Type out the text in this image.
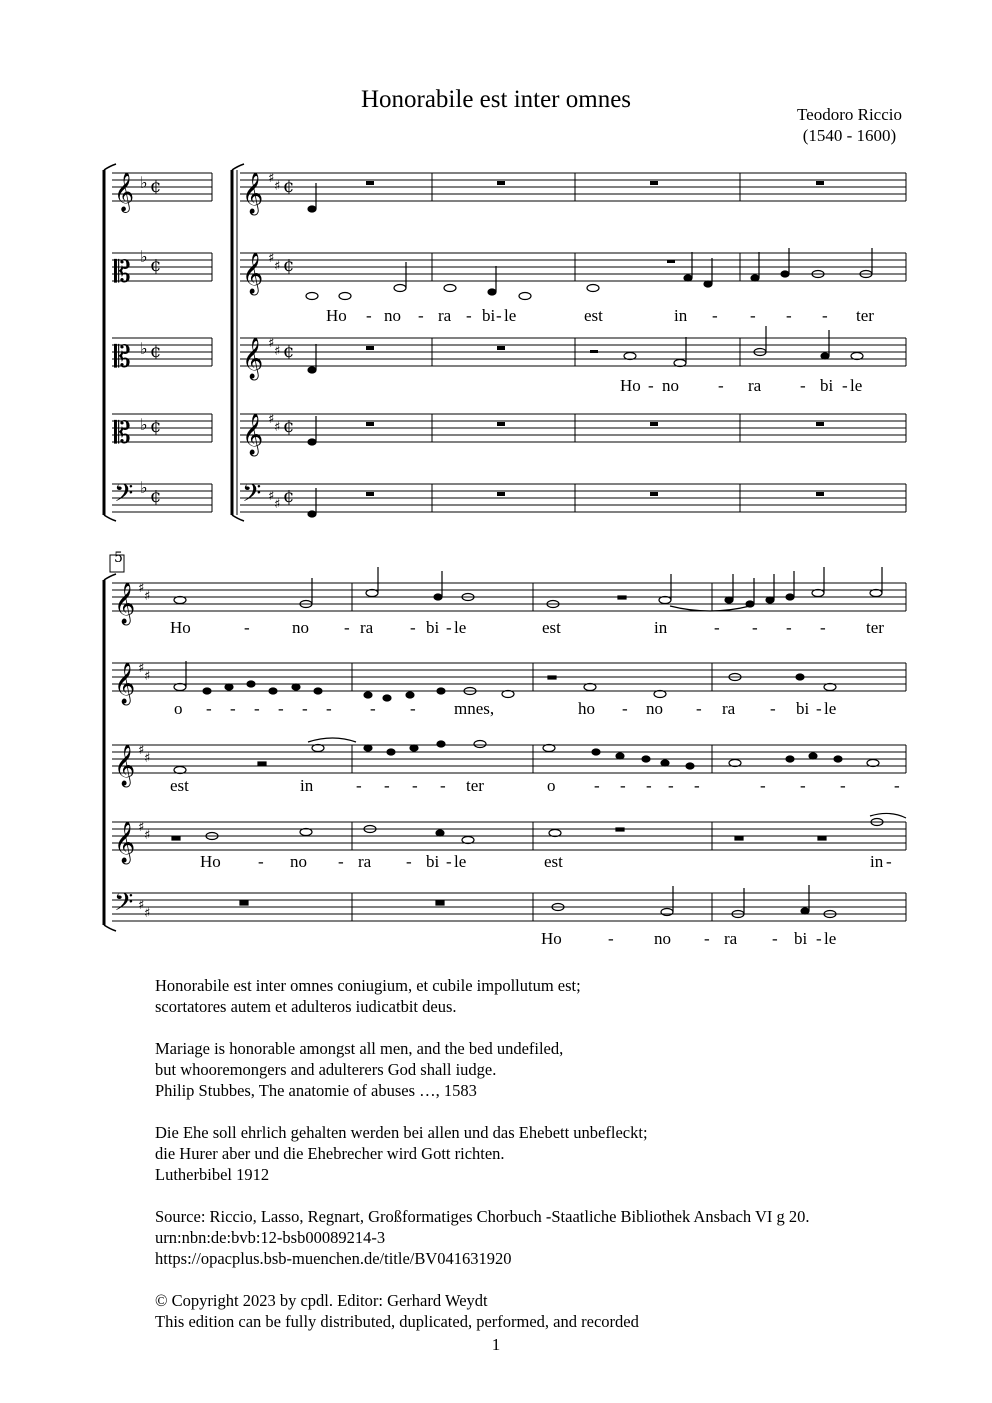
Honorabile est inter omnes
Teodoro Riccio
(1540 - 1600)
𝄞
𝄡
𝄡
𝄡
𝄢
♭
♭
♭
♭
♭
¢
¢
¢
¢
¢
𝄞
𝄞
𝄞
𝄞
𝄢
♯
♯
♯
♯
♯
♯
♯
♯
♯
♯
¢
¢
¢
¢
¢
Ho - no - ra - bi - le	est	in - - - - ter
Ho - no - ra - bi - le
5
𝄞
𝄞
𝄞
𝄞
𝄢
♯
♯
♯
♯
♯
♯
♯
♯
♯
♯
Ho	- no - ra - bi - le	est	in	- - - - ter
o - - - - - - - - mnes,	ho - no - ra - bi - le
est	in	- - - - ter	o - - - - -	- - -	-
Ho - no - ra - bi - le	est	in -
Ho	- no - ra - bi - le
Honorabile est inter omnes coniugium, et cubile impollutum est;
scortatores autem et adulteros iudicatbit deus.

Mariage is honorable amongst all men, and the bed undefiled,
but whooremongers and adulterers God shall iudge.
Philip Stubbes, The anatomie of abuses …, 1583

Die Ehe soll ehrlich gehalten werden bei allen und das Ehebett unbefleckt;
die Hurer aber und die Ehebrecher wird Gott richten.
Lutherbibel 1912

Source: Riccio, Lasso, Regnart, Großformatiges Chorbuch -Staatliche Bibliothek Ansbach VI g 20.
urn:nbn:de:bvb:12-bsb00089214-3
https://opacplus.bsb-muenchen.de/title/BV041631920

© Copyright 2023 by cpdl. Editor: Gerhard Weydt
This edition can be fully distributed, duplicated, performed, and recorded
1
